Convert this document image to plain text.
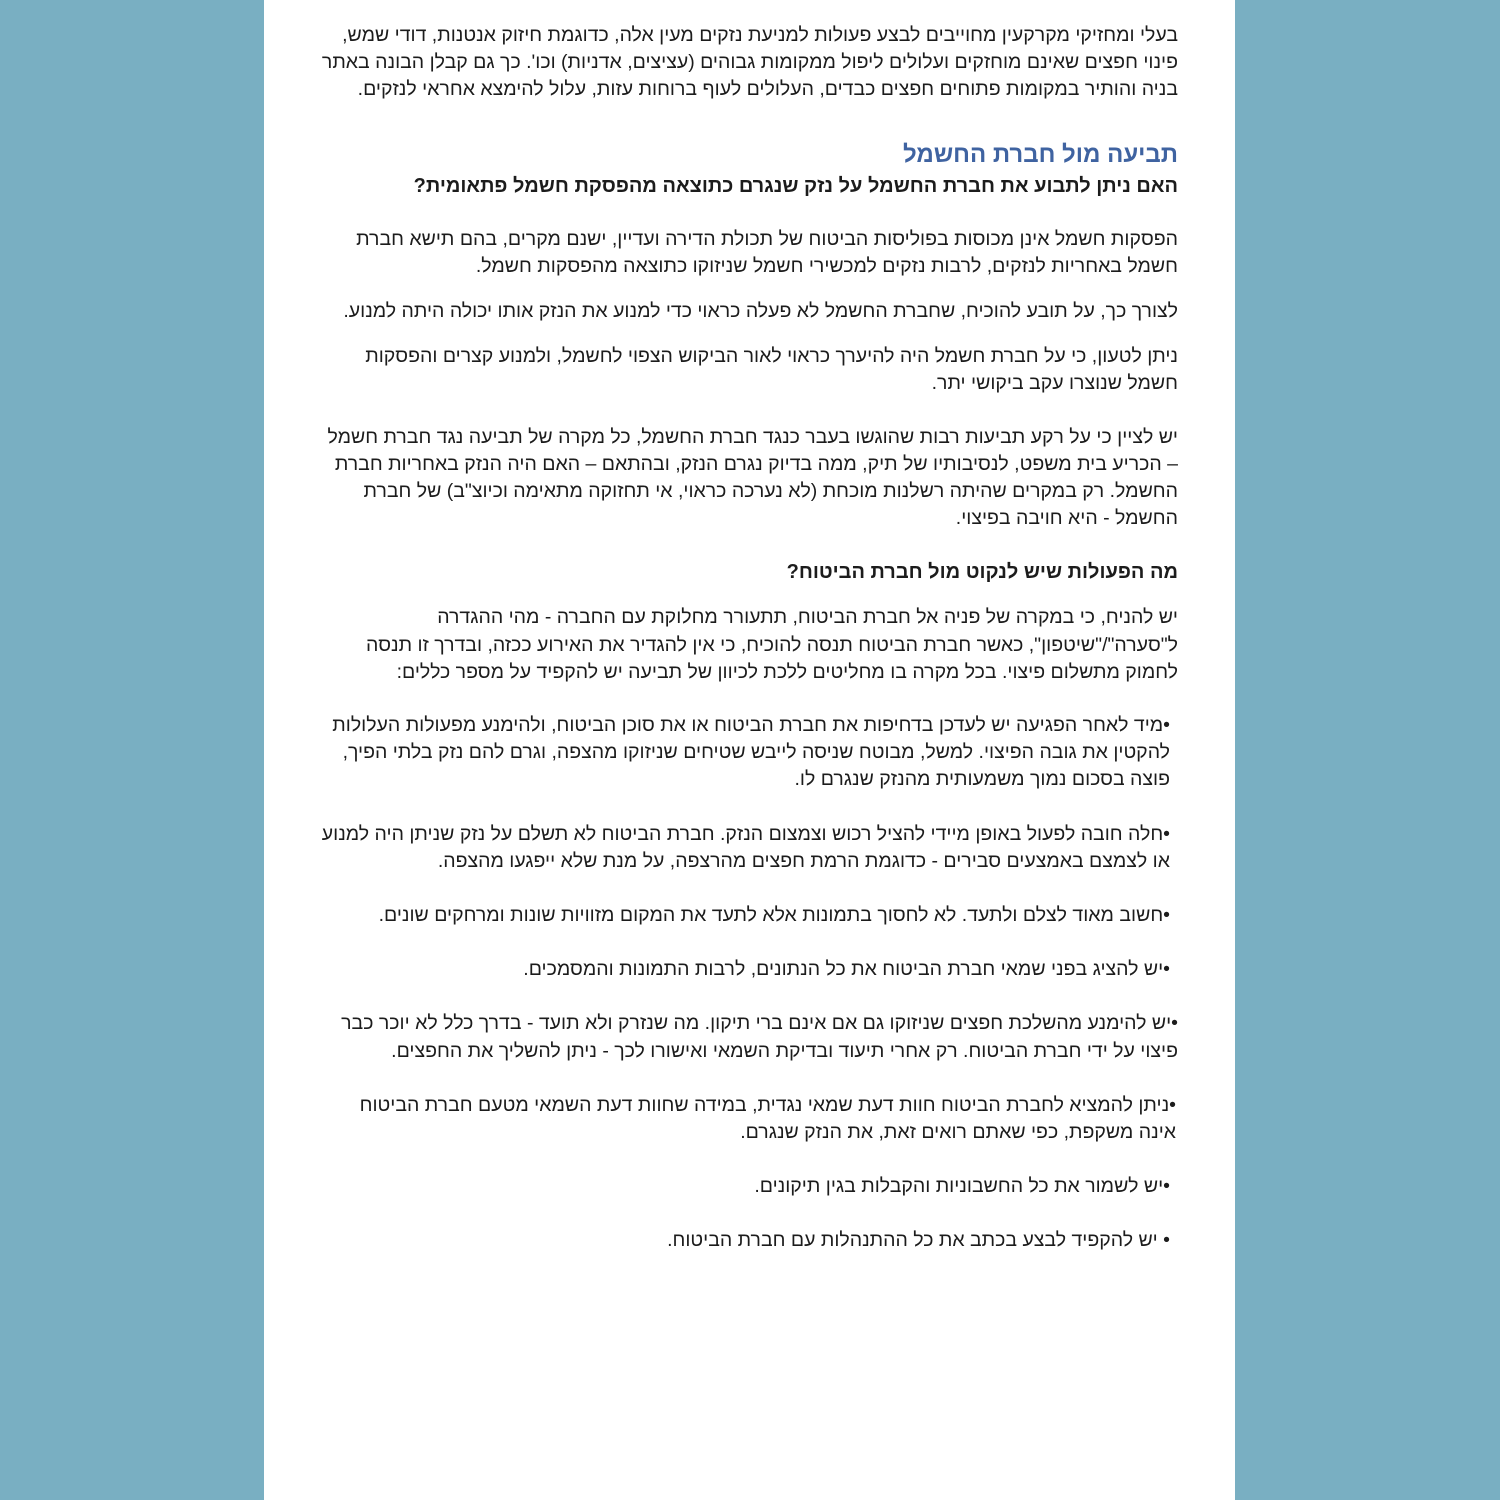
בעלי ומחזיקי מקרקעין מחוייבים לבצע פעולות למניעת נזקים מעין אלה, כדוגמת חיזוק אנטנות, דודי שמש, פינוי חפצים שאינם מוחזקים ועלולים ליפול ממקומות גבוהים (עציצים, אדניות) וכו'. כך גם קבלן הבונה באתר בניה והותיר במקומות פתוחים חפצים כבדים, העלולים לעוף ברוחות עזות, עלול להימצא אחראי לנזקים.

תביעה מול חברת החשמל

האם ניתן לתבוע את חברת החשמל על נזק שנגרם כתוצאה מהפסקת חשמל פתאומית?

הפסקות חשמל אינן מכוסות בפוליסות הביטוח של תכולת הדירה ועדיין, ישנם מקרים, בהם תישא חברת חשמל באחריות לנזקים, לרבות נזקים למכשירי חשמל שניזוקו כתוצאה מהפסקות חשמל.

לצורך כך, על תובע להוכיח, שחברת החשמל לא פעלה כראוי כדי למנוע את הנזק אותו יכולה היתה למנוע.

ניתן לטעון, כי על חברת חשמל היה להיערך כראוי לאור הביקוש הצפוי לחשמל, ולמנוע קצרים והפסקות חשמל שנוצרו עקב ביקושי יתר.

יש לציין כי על רקע תביעות רבות שהוגשו בעבר כנגד חברת החשמל, כל מקרה של תביעה נגד חברת חשמל – הכריע בית משפט, לנסיבותיו של תיק, ממה בדיוק נגרם הנזק, ובהתאם – האם היה הנזק באחריות חברת החשמל. רק במקרים שהיתה רשלנות מוכחת (לא נערכה כראוי, אי תחזוקה מתאימה וכיוצ"ב) של חברת החשמל - היא חויבה בפיצוי.

מה הפעולות שיש לנקוט מול חברת הביטוח?

יש להניח, כי במקרה של פניה אל חברת הביטוח, תתעורר מחלוקת עם החברה - מהי ההגדרה ל"סערה"/"שיטפון", כאשר חברת הביטוח תנסה להוכיח, כי אין להגדיר את האירוע ככזה, ובדרך זו תנסה לחמוק מתשלום פיצוי. בכל מקרה בו מחליטים ללכת לכיוון של תביעה יש להקפיד על מספר כללים:

•מיד לאחר הפגיעה יש לעדכן בדחיפות את חברת הביטוח או את סוכן הביטוח, ולהימנע מפעולות העלולות להקטין את גובה הפיצוי. למשל, מבוטח שניסה לייבש שטיחים שניזוקו מהצפה, וגרם להם נזק בלתי הפיך, פוצה בסכום נמוך משמעותית מהנזק שנגרם לו.
•חלה חובה לפעול באופן מיידי להציל רכוש וצמצום הנזק. חברת הביטוח לא תשלם על נזק שניתן היה למנוע או לצמצם באמצעים סבירים - כדוגמת הרמת חפצים מהרצפה, על מנת שלא ייפגעו מהצפה.
•חשוב מאוד לצלם ולתעד. לא לחסוך בתמונות אלא לתעד את המקום מזוויות שונות ומרחקים שונים.
•יש להציג בפני שמאי חברת הביטוח את כל הנתונים, לרבות התמונות והמסמכים.
•יש להימנע מהשלכת חפצים שניזוקו גם אם אינם ברי תיקון. מה שנזרק ולא תועד - בדרך כלל לא יוכר כבר פיצוי על ידי חברת הביטוח. רק אחרי תיעוד ובדיקת השמאי ואישורו לכך - ניתן להשליך את החפצים.
•ניתן להמציא לחברת הביטוח חוות דעת שמאי נגדית, במידה שחוות דעת השמאי מטעם חברת הביטוח אינה משקפת, כפי שאתם רואים זאת, את הנזק שנגרם.
•יש לשמור את כל החשבוניות והקבלות בגין תיקונים.
• יש להקפיד לבצע בכתב את כל ההתנהלות עם חברת הביטוח.
